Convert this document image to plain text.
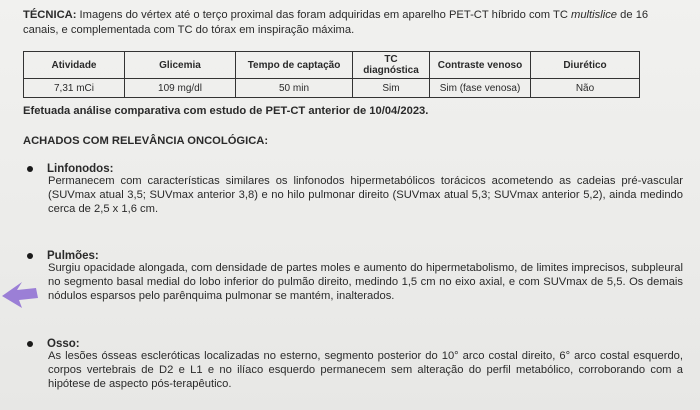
TÉCNICA: Imagens do vértex até o terço proximal das foram adquiridas em aparelho PET-CT híbrido com TC multislice de 16 canais, e complementada com TC do tórax em inspiração máxima.
Atividade	Glicemia	Tempo de captação	TC diagnóstica	Contraste venoso	Diurético
7,31 mCi	109 mg/dl	50 min	Sim	Sim (fase venosa)	Não
Efetuada análise comparativa com estudo de PET-CT anterior de 10/04/2023.
ACHADOS COM RELEVÂNCIA ONCOLÓGICA:
Linfonodos:
Permanecem com características similares os linfonodos hipermetabólicos torácicos acometendo as cadeias pré-vascular (SUVmax atual 3,5; SUVmax anterior 3,8) e no hilo pulmonar direito (SUVmax atual 5,3; SUVmax anterior 5,2), ainda medindo cerca de 2,5 x 1,6 cm.
Pulmões:
Surgiu opacidade alongada, com densidade de partes moles e aumento do hipermetabolismo, de limites imprecisos, subpleural no segmento basal medial do lobo inferior do pulmão direito, medindo 1,5 cm no eixo axial, e com SUVmax de 5,5. Os demais nódulos esparsos pelo parênquima pulmonar se mantém, inalterados.
Osso:
As lesões ósseas escleróticas localizadas no esterno, segmento posterior do 10° arco costal direito, 6° arco costal esquerdo, corpos vertebrais de D2 e L1 e no ilíaco esquerdo permanecem sem alteração do perfil metabólico, corroborando com a hipótese de aspecto pós-terapêutico.
